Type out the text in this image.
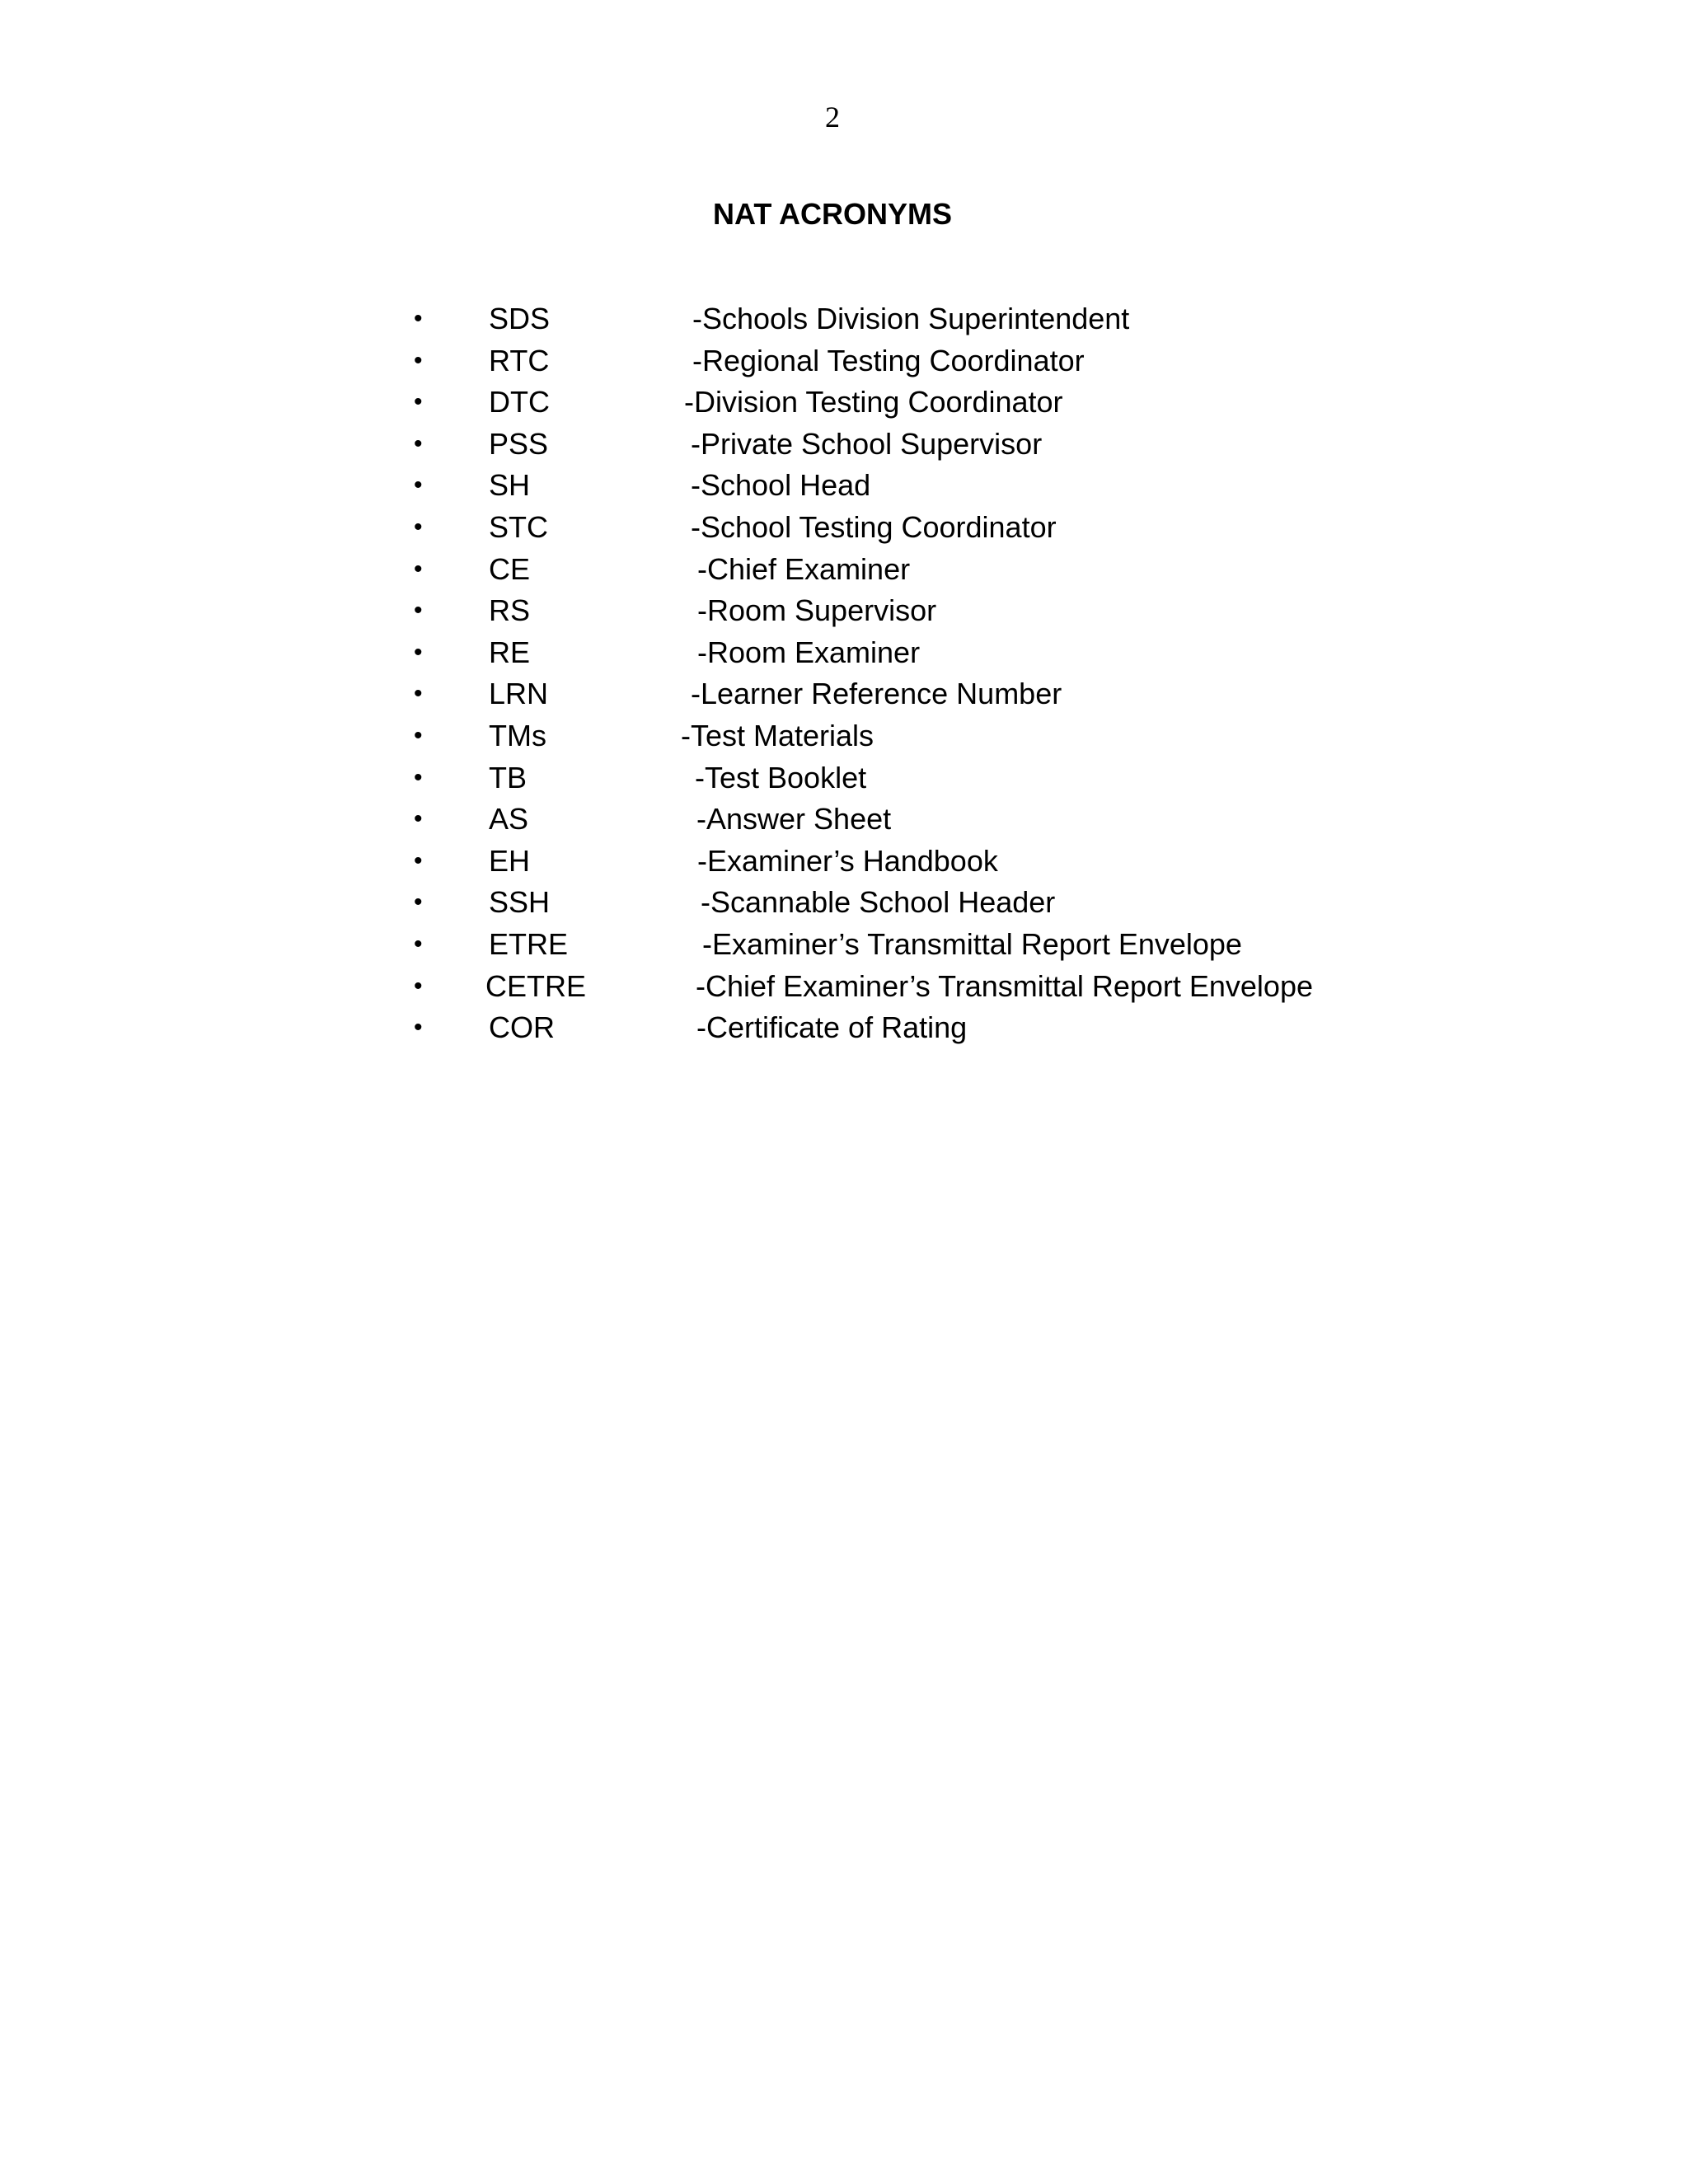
2
NAT ACRONYMS
• SDS	-Schools Division Superintendent
• RTC	-Regional Testing Coordinator
• DTC	-Division Testing Coordinator
• PSS	-Private School Supervisor
• SH	-School Head
• STC	-School Testing Coordinator
• CE	-Chief Examiner
• RS	-Room Supervisor
• RE	-Room Examiner
• LRN	-Learner Reference Number
• TMs	-Test Materials
• TB	-Test Booklet
• AS	-Answer Sheet
• EH	-Examiner’s Handbook
• SSH	-Scannable School Header
• ETRE	-Examiner’s Transmittal Report Envelope
• CETRE	-Chief Examiner’s Transmittal Report Envelope
• COR	-Certificate of Rating
